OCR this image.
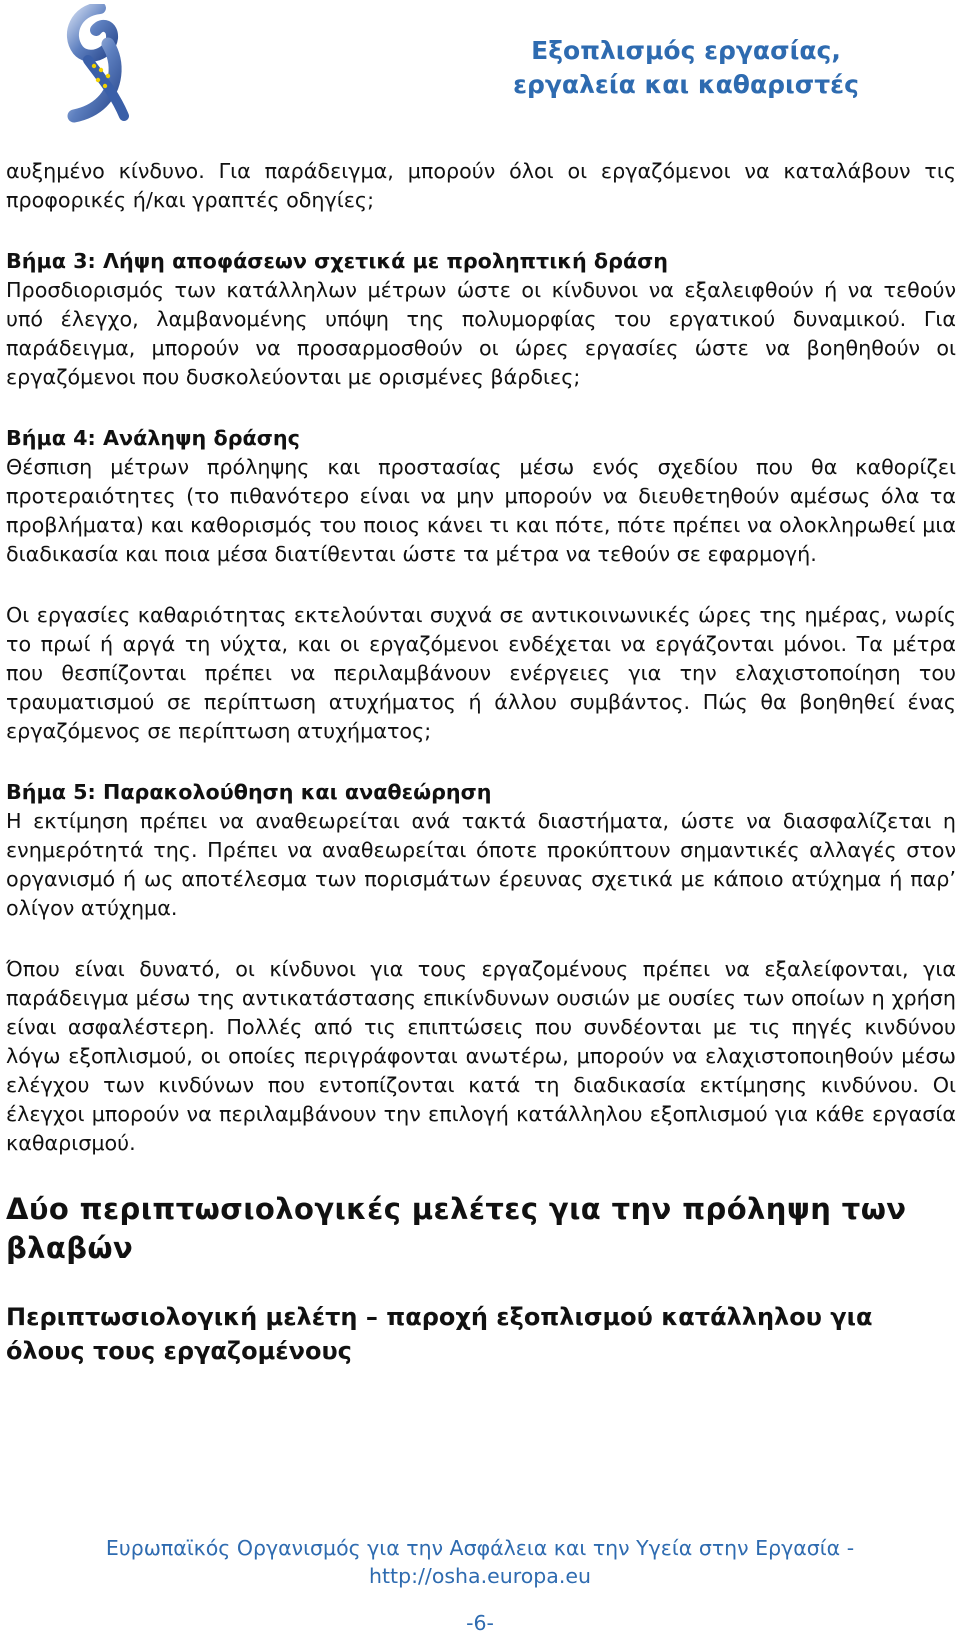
Εξοπλισμός εργασίας,
εργαλεία και καθαριστές

αυξημένο κίνδυνο. Για παράδειγμα, μπορούν όλοι οι εργαζόμενοι να καταλάβουν τις προφορικές ή/και γραπτές οδηγίες;

Βήμα 3: Λήψη αποφάσεων σχετικά με προληπτική δράση

Προσδιορισμός των κατάλληλων μέτρων ώστε οι κίνδυνοι να εξαλειφθούν ή να τεθούν υπό έλεγχο, λαμβανομένης υπόψη της πολυμορφίας του εργατικού δυναμικού. Για παράδειγμα, μπορούν να προσαρμοσθούν οι ώρες εργασίες ώστε να βοηθηθούν οι εργαζόμενοι που δυσκολεύονται με ορισμένες βάρδιες;

Βήμα 4: Ανάληψη δράσης

Θέσπιση μέτρων πρόληψης και προστασίας μέσω ενός σχεδίου που θα καθορίζει προτεραιότητες (το πιθανότερο είναι να μην μπορούν να διευθετηθούν αμέσως όλα τα προβλήματα) και καθορισμός του ποιος κάνει τι και πότε, πότε πρέπει να ολοκληρωθεί μια διαδικασία και ποια μέσα διατίθενται ώστε τα μέτρα να τεθούν σε εφαρμογή.

Οι εργασίες καθαριότητας εκτελούνται συχνά σε αντικοινωνικές ώρες της ημέρας, νωρίς το πρωί ή αργά τη νύχτα, και οι εργαζόμενοι ενδέχεται να εργάζονται μόνοι. Τα μέτρα που θεσπίζονται πρέπει να περιλαμβάνουν ενέργειες για την ελαχιστοποίηση του τραυματισμού σε περίπτωση ατυχήματος ή άλλου συμβάντος. Πώς θα βοηθηθεί ένας εργαζόμενος σε περίπτωση ατυχήματος;

Βήμα 5: Παρακολούθηση και αναθεώρηση

Η εκτίμηση πρέπει να αναθεωρείται ανά τακτά διαστήματα, ώστε να διασφαλίζεται η ενημερότητά της. Πρέπει να αναθεωρείται όποτε προκύπτουν σημαντικές αλλαγές στον οργανισμό ή ως αποτέλεσμα των πορισμάτων έρευνας σχετικά με κάποιο ατύχημα ή παρ’ ολίγον ατύχημα.

Όπου είναι δυνατό, οι κίνδυνοι για τους εργαζομένους πρέπει να εξαλείφονται, για παράδειγμα μέσω της αντικατάστασης επικίνδυνων ουσιών με ουσίες των οποίων η χρήση είναι ασφαλέστερη. Πολλές από τις επιπτώσεις που συνδέονται με τις πηγές κινδύνου λόγω εξοπλισμού, οι οποίες περιγράφονται ανωτέρω, μπορούν να ελαχιστοποιηθούν μέσω ελέγχου των κινδύνων που εντοπίζονται κατά τη διαδικασία εκτίμησης κινδύνου. Οι έλεγχοι μπορούν να περιλαμβάνουν την επιλογή κατάλληλου εξοπλισμού για κάθε εργασία καθαρισμού.

Δύο περιπτωσιολογικές μελέτες για την πρόληψη των βλαβών

Περιπτωσιολογική μελέτη – παροχή εξοπλισμού κατάλληλου για όλους τους εργαζομένους

Ευρωπαϊκός Οργανισμός για την Ασφάλεια και την Υγεία στην Εργασία -
http://osha.europa.eu
-6-
